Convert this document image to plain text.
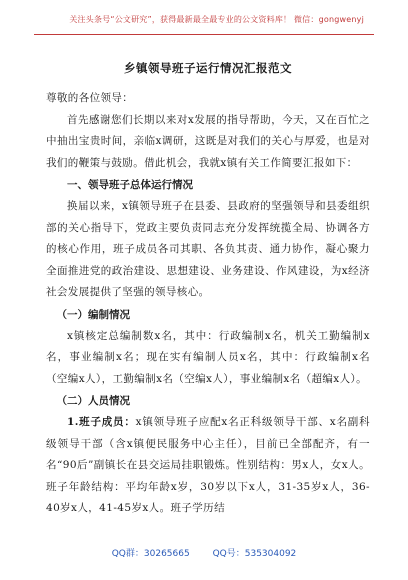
关注头条号“公文研究”，获得最新最全最专业的公文资料库！ 微信：gongwenyj
乡镇领导班子运行情况汇报范文

尊敬的各位领导：

首先感谢您们长期以来对x发展的指导帮助，今天，又在百忙之中抽出宝贵时间，亲临x调研，这既是对我们的关心与厚爱，也是对我们的鞭策与鼓励。借此机会，我就x镇有关工作简要汇报如下：

一、领导班子总体运行情况

换届以来，x镇领导班子在县委、县政府的坚强领导和县委组织部的关心指导下，党政主要负责同志充分发挥统揽全局、协调各方的核心作用，班子成员各司其职、各负其责、通力协作，凝心聚力全面推进党的政治建设、思想建设、业务建设、作风建设，为x经济社会发展提供了坚强的领导核心。

（一）编制情况

x镇核定总编制数x名，其中：行政编制x名，机关工勤编制x名，事业编制x名；现在实有编制人员x名，其中：行政编制x名（空编x人），工勤编制x名（空编x人），事业编制x名（超编x人）。

（二）人员情况

1.班子成员：x镇领导班子应配x名正科级领导干部、x名副科级领导干部（含x镇便民服务中心主任），目前已全部配齐，有一名“90后”副镇长在县交运局挂职锻炼。性别结构：男x人，女x人。班子年龄结构：平均年龄x岁，30岁以下x人，31-35岁x人，36-40岁x人，41-45岁x人。班子学历结

QQ群：30265665	QQ号：535304092
